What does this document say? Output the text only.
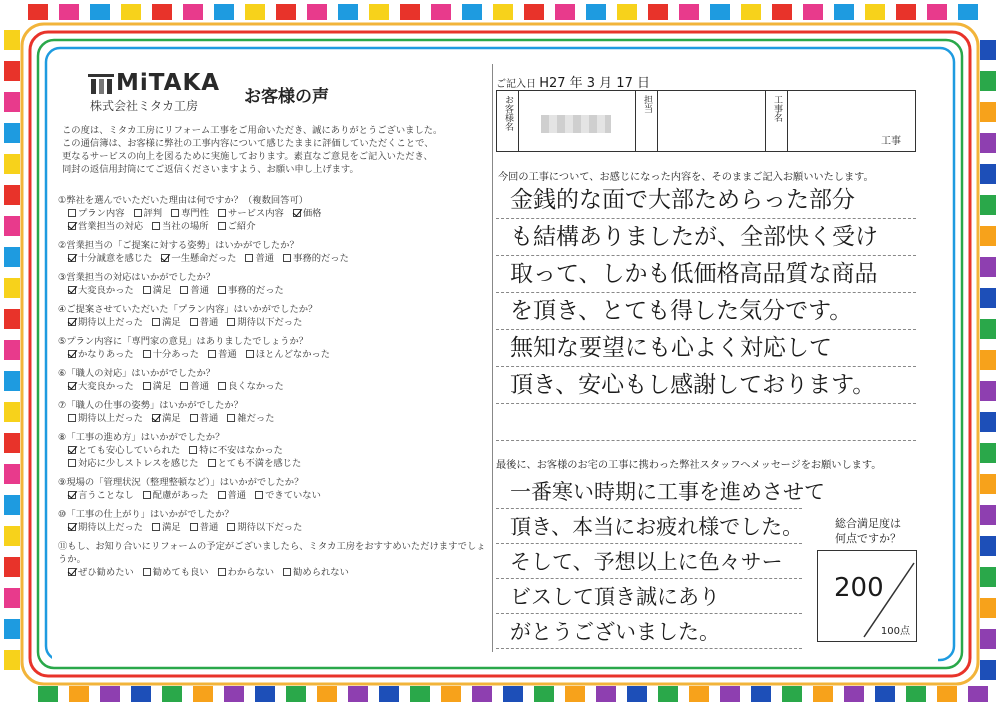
MiTAKA
株式会社ミタカ工房	お客様の声
この度は、ミタカ工房にリフォーム工事をご用命いただき、誠にありがとうございました。
この通信簿は、お客様に弊社の工事内容について感じたままに評価していただくことで、
更なるサービスの向上を図るために実施しております。素直なご意見をご記入いただき、
同封の返信用封筒にてご返信くださいますよう、お願い申し上げます。
①弊社を選んでいただいた理由は何ですか？（複数回答可）
プラン内容 評判 専門性 サービス内容 価格
営業担当の対応 当社の場所 ご紹介
②営業担当の「ご提案に対する姿勢」はいかがでしたか？
十分誠意を感じた 一生懸命だった 普通 事務的だった
③営業担当の対応はいかがでしたか？
大変良かった 満足 普通 事務的だった
④ご提案させていただいた「プラン内容」はいかがでしたか？
期待以上だった 満足 普通 期待以下だった
⑤プラン内容に「専門家の意見」はありましたでしょうか？
かなりあった 十分あった 普通 ほとんどなかった
⑥「職人の対応」はいかがでしたか？
大変良かった 満足 普通 良くなかった
⑦「職人の仕事の姿勢」はいかがでしたか？
期待以上だった 満足 普通 雑だった
⑧「工事の進め方」はいかがでしたか？
とても安心していられた 特に不安はなかった
対応に少しストレスを感じた とても不満を感じた
⑨現場の「管理状況（整理整頓など）」はいかがでしたか？
言うことなし 配慮があった 普通 できていない
⑩「工事の仕上がり」はいかがでしたか？
期待以上だった 満足 普通 期待以下だった
⑪もし、お知り合いにリフォームの予定がございましたら、ミタカ工房をおすすめいただけますでしょうか。
ぜひ勧めたい 勧めても良い わからない 勧められない
ご記入日 H27 年 3 月 17 日
お客様名	担当	工事名
工事
今回の工事について、お感じになった内容を、そのままご記入お願いいたします。
金銭的な面で大部ためらった部分
も結構ありましたが、全部快く受け
取って、しかも低価格高品質な商品
を頂き、とても得した気分です。
無知な要望にも心よく対応して
頂き、安心もし感謝しております。
最後に、お客様のお宅の工事に携わった弊社スタッフへメッセージをお願いします。
一番寒い時期に工事を進めさせて
頂き、本当にお疲れ様でした。
そして、予想以上に色々サー
ビスして頂き誠にあり
がとうございました。
総合満足度は
何点ですか？
200
100点
